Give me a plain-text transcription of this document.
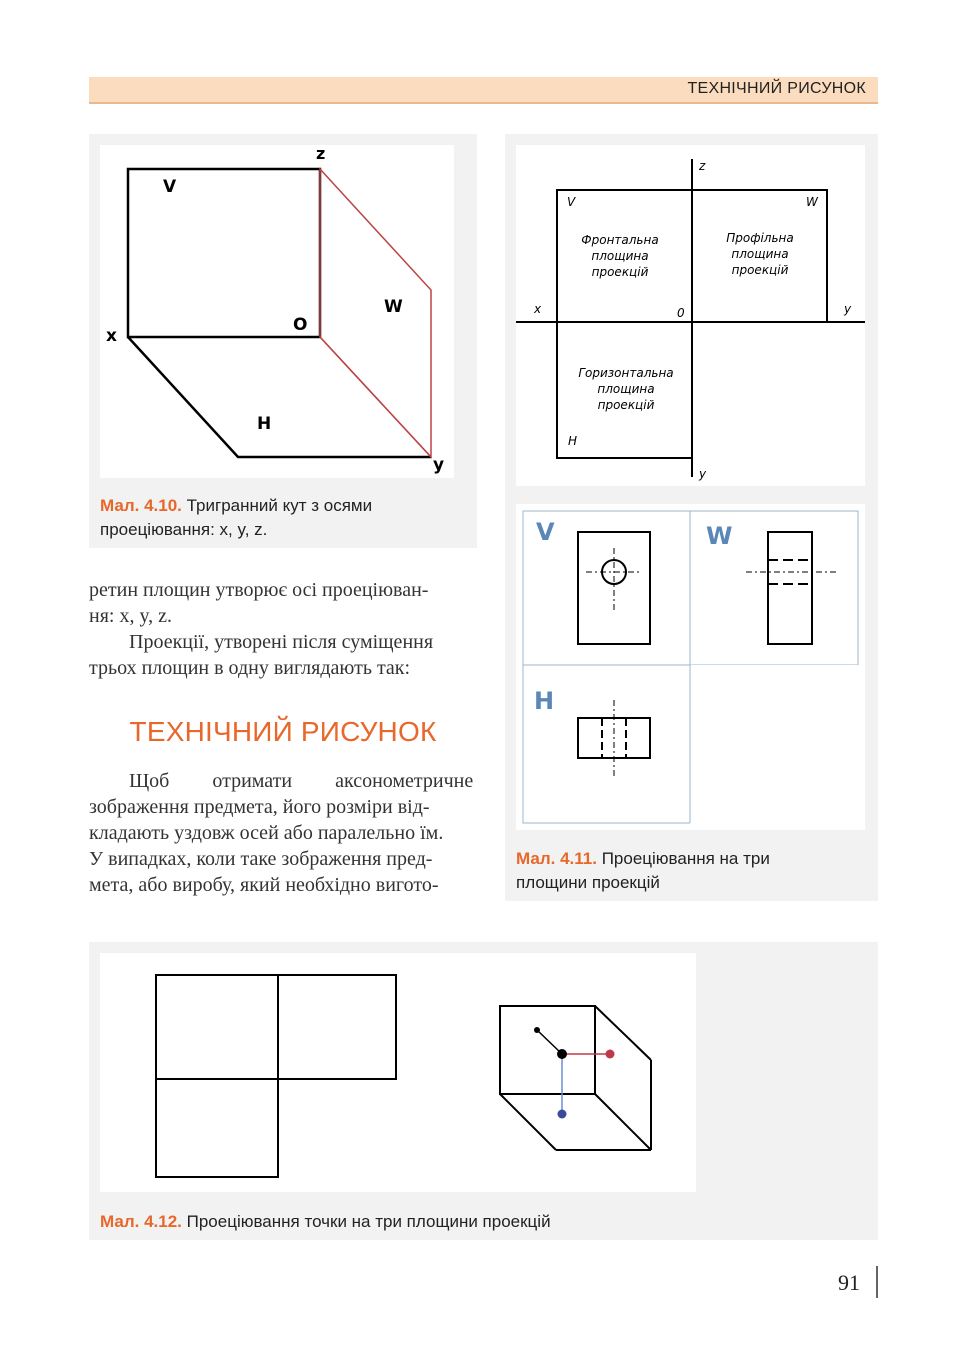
ТЕХНІЧНИЙ РИСУНОК
z
V
W
O
x
H
y
Мал. 4.10. Тригранний кут з осями
проеціювання: x, y, z.
z
V	W
x	0	y
H
y
Фронтальна
площина
проекцій
Профільна
площина
проекцій
Горизонтальна
площина
проекцій
V	W
H
Мал. 4.11. Проеціювання на три
площини проекцій

ретин площин утворює осі проеціюван-

ня: x, y, z.

Проекції, утворені після суміщення

трьох площин в одну виглядають так:

ТЕХНІЧНИЙ РИСУНОК

Щоб отримати аксонометричне

зображення предмета, його розміри від-

кладають уздовж осей або паралельно їм.

У випадках, коли таке зображення пред-

мета, або виробу, який необхідно вигото-

Мал. 4.12. Проеціювання точки на три площини проекцій
91
